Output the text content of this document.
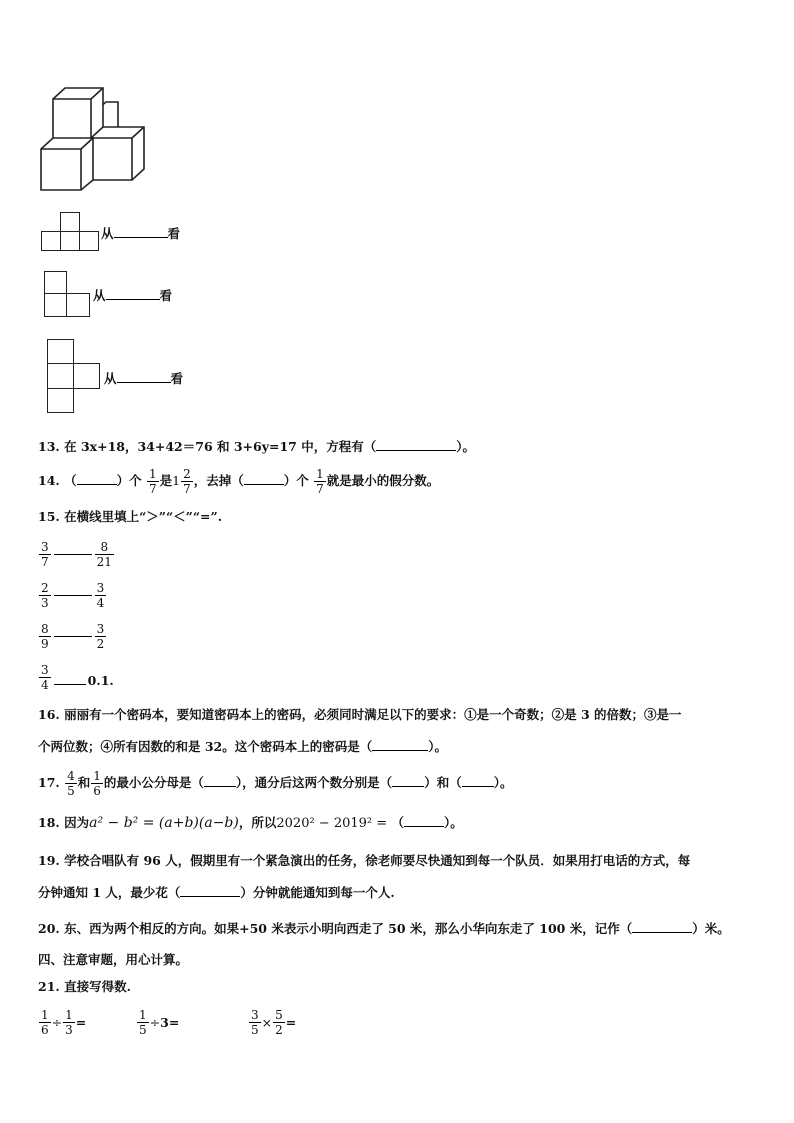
从	看
从	看
从	看
13. 在 3x+18，34+42＝76 和 3+6y=17 中，方程有（	）。
14. （	）个 $\frac{1}{7}$ 是$1 \frac{2}{7}$ ，去掉（	）个 $\frac{1}{7}$ 就是最小的假分数。
15. 在横线里填上“＞”“＜”“=”.
$\frac{3}{7}$	$\frac{8}{21}$
$\frac{2}{3}$	$\frac{3}{4}$
$\frac{8}{9}$	$\frac{3}{2}$
$\frac{3}{4}$	0.1.
16. 丽丽有一个密码本，要知道密码本上的密码，必须同时满足以下的要求：①是一个奇数；②是 3 的倍数；③是一
个两位数；④所有因数的和是 32。这个密码本上的密码是（	）。
17. $\frac{4}{5}$ 和 $\frac{1}{6}$ 的最小公分母是（	），通分后这两个数分别是（	）和（	）。
18. 因为a² − b² = (a+b)(a−b)，所以2020² − 2019² = （	）。
19. 学校合唱队有 96 人，假期里有一个紧急演出的任务，徐老师要尽快通知到每一个队员．如果用打电话的方式，每
分钟通知 1 人，最少花（	）分钟就能通知到每一个人.
20. 东、西为两个相反的方向。如果+50 米表示小明向西走了 50 米，那么小华向东走了 100 米，记作（	）米。
四、注意审题，用心计算。
21. 直接写得数.
$\frac{1}{6} \div \frac{1}{3}$ =	$\frac{1}{5} \div 3$ =	$\frac{3}{5} \times \frac{5}{2}$ =
